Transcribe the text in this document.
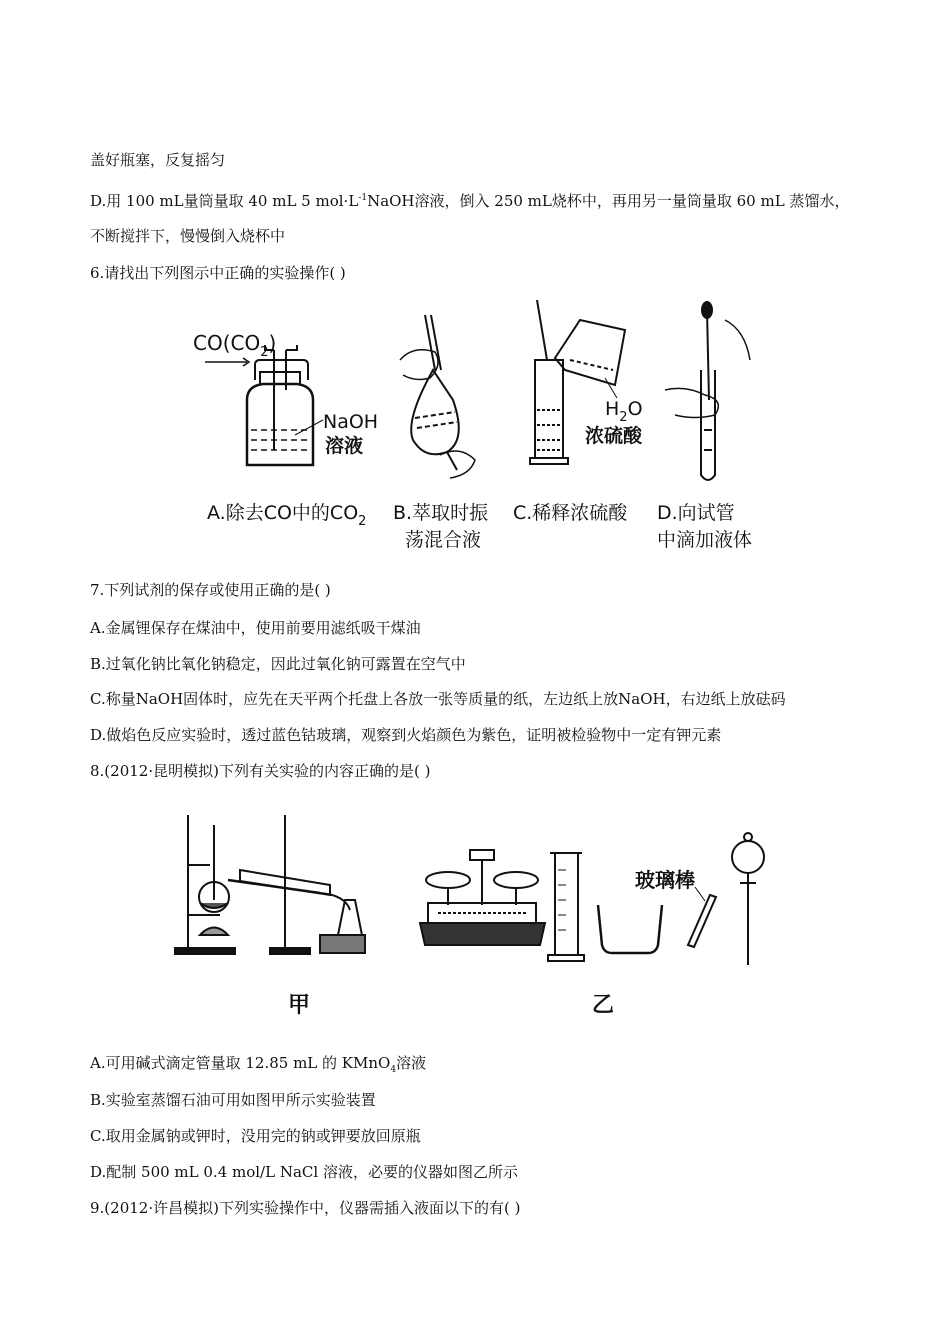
盖好瓶塞，反复摇匀
D.用 100 mL量筒量取 40 mL 5 $mol\cdot L^{-1}NaOH$溶液，倒入 250 mL烧杯中，再用另一量筒量取 60 mL 蒸馏水，
不断搅拌下，慢慢倒入烧杯中
6.请找出下列图示中正确的实验操作( )
$CO(CO_2)$
NaOH
溶液
$H_2O$
浓硫酸
A.除去CO中的$CO_2$ B.萃取时振
荡混合液
C.稀释浓硫酸 D.向试管
中滴加液体
7.下列试剂的保存或使用正确的是( )
A.金属锂保存在煤油中，使用前要用滤纸吸干煤油
B.过氧化钠比氧化钠稳定，因此过氧化钠可露置在空气中
C.称量NaOH固体时，应先在天平两个托盘上各放一张等质量的纸，左边纸上放NaOH，右边纸上放砝码
D.做焰色反应实验时，透过蓝色钴玻璃，观察到火焰颜色为紫色，证明被检验物中一定有钾元素
8.(2012·昆明模拟)下列有关实验的内容正确的是( )
玻璃棒
甲	乙
A.可用碱式滴定管量取 12.85 mL 的 KMnO$_4$溶液
B.实验室蒸馏石油可用如图甲所示实验装置
C.取用金属钠或钾时，没用完的钠或钾要放回原瓶
D.配制 500 mL 0.4 mol/L NaCl 溶液，必要的仪器如图乙所示
9.(2012·许昌模拟)下列实验操作中，仪器需插入液面以下的有( )
